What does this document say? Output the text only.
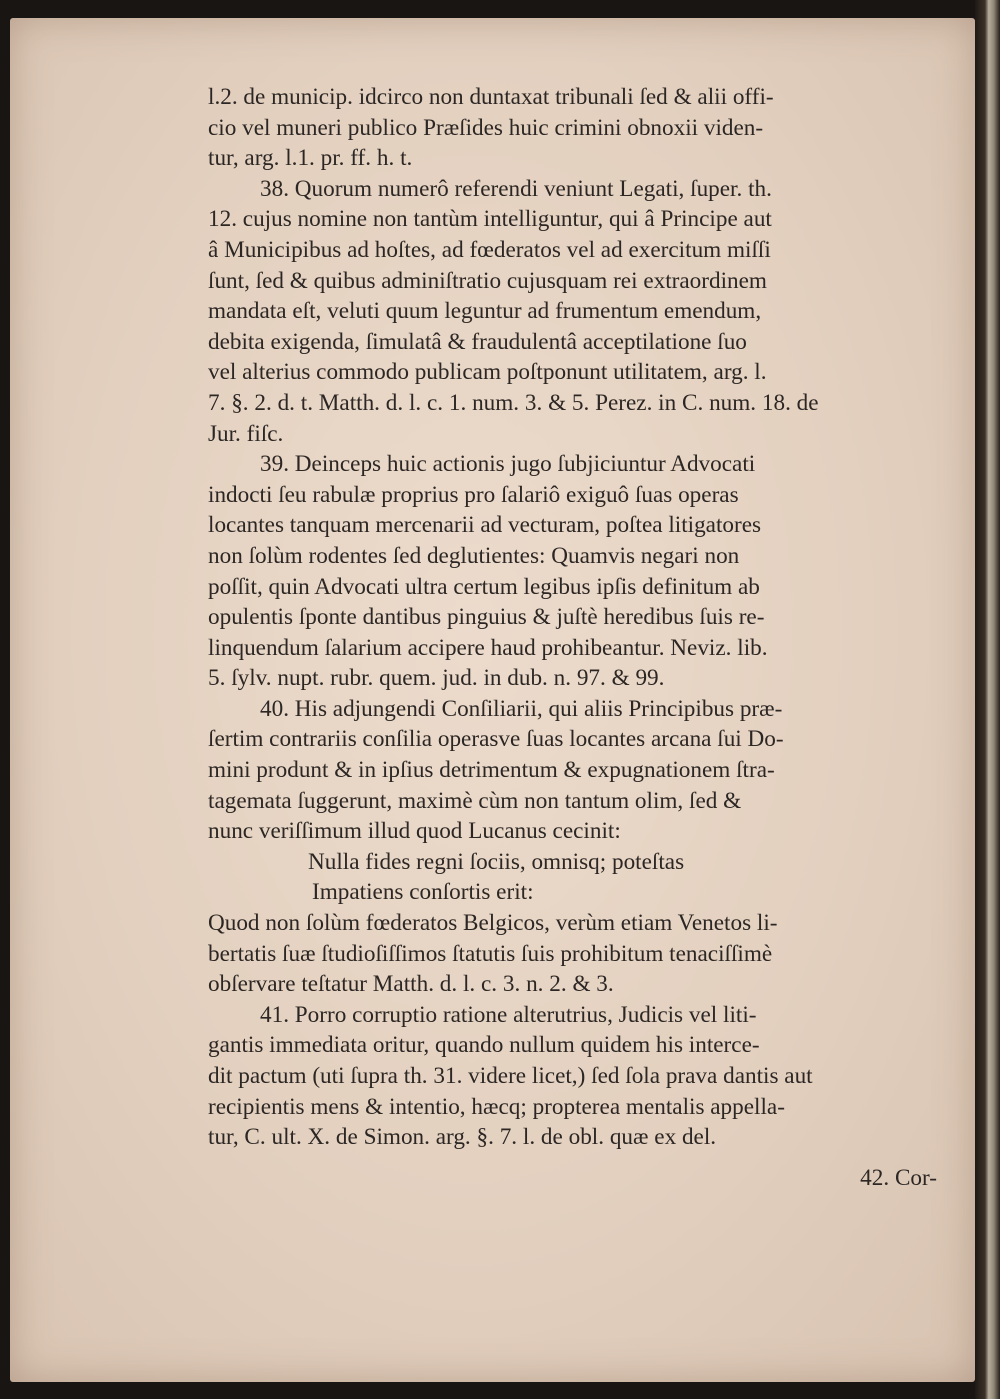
l.2. de municip. idcirco non duntaxat tribunali ſed & alii offi-
cio vel muneri publico Præſides huic crimini obnoxii viden-
tur, arg. l.1. pr. ff. h. t.
38. Quorum numerô referendi veniunt Legati, ſuper. th.
12. cujus nomine non tantùm intelliguntur, qui â Principe aut
â Municipibus ad hoſtes, ad fœderatos vel ad exercitum miſſi
ſunt, ſed & quibus adminiſtratio cujusquam rei extraordinem
mandata eſt, veluti quum leguntur ad frumentum emendum,
debita exigenda, ſimulatâ & fraudulentâ acceptilatione ſuo
vel alterius commodo publicam poſtponunt utilitatem, arg. l.
7. §. 2. d. t. Matth. d. l. c. 1. num. 3. & 5. Perez. in C. num. 18. de
Jur. fiſc.
39. Deinceps huic actionis jugo ſubjiciuntur Advocati
indocti ſeu rabulæ proprius pro ſalariô exiguô ſuas operas
locantes tanquam mercenarii ad vecturam, poſtea litigatores
non ſolùm rodentes ſed deglutientes: Quamvis negari non
poſſit, quin Advocati ultra certum legibus ipſis definitum ab
opulentis ſponte dantibus pinguius & juſtè heredibus ſuis re-
linquendum ſalarium accipere haud prohibeantur. Neviz. lib.
5. ſylv. nupt. rubr. quem. jud. in dub. n. 97. & 99.
40. His adjungendi Conſiliarii, qui aliis Principibus præ-
ſertim contrariis conſilia operasve ſuas locantes arcana ſui Do-
mini produnt & in ipſius detrimentum & expugnationem ſtra-
tagemata ſuggerunt, maximè cùm non tantum olim, ſed &
nunc veriſſimum illud quod Lucanus cecinit:
Nulla fides regni ſociis, omnisq; poteſtas
Impatiens conſortis erit:
Quod non ſolùm fœderatos Belgicos, verùm etiam Venetos li-
bertatis ſuæ ſtudioſiſſimos ſtatutis ſuis prohibitum tenaciſſimè
obſervare teſtatur Matth. d. l. c. 3. n. 2. & 3.
41. Porro corruptio ratione alterutrius, Judicis vel liti-
gantis immediata oritur, quando nullum quidem his interce-
dit pactum (uti ſupra th. 31. videre licet,) ſed ſola prava dantis aut
recipientis mens & intentio, hæcq; propterea mentalis appella-
tur, C. ult. X. de Simon. arg. §. 7. l. de obl. quæ ex del.
42. Cor-
